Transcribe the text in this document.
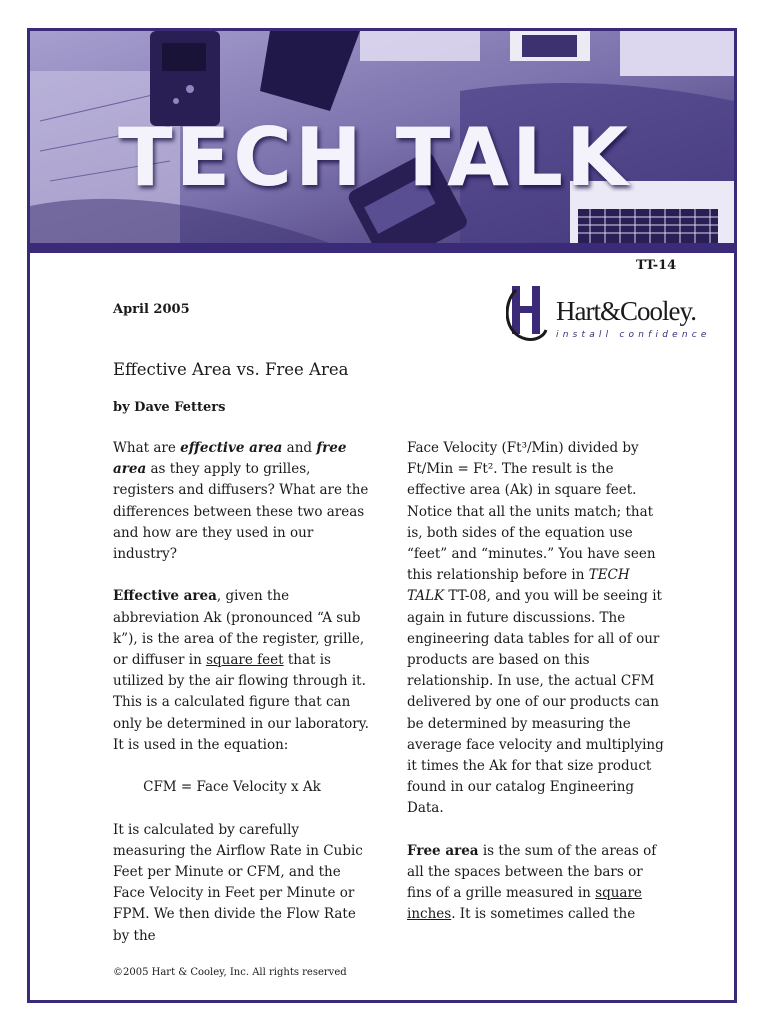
TECH TALK
TT-14
April 2005	Hart&Cooley.
install confidence
Effective Area vs. Free Area
by Dave Fetters

What are effective area and free area as they apply to grilles, registers and diffusers? What are the differences between these two areas and how are they used in our industry?

Effective area, given the abbreviation Ak (pronounced “A sub k”), is the area of the register, grille, or diffuser in square feet that is utilized by the air flowing through it. This is a calculated figure that can only be determined in our laboratory. It is used in the equation:

CFM = Face Velocity x Ak

It is calculated by carefully measuring the Airflow Rate in Cubic Feet per Minute or CFM, and the Face Velocity in Feet per Minute or FPM. We then divide the Flow Rate by the

Face Velocity (Ft³/Min) divided by Ft/Min = Ft². The result is the effective area (Ak) in square feet. Notice that all the units match; that is, both sides of the equation use “feet” and “minutes.” You have seen this relationship before in TECH TALK TT-08, and you will be seeing it again in future discussions. The engineering data tables for all of our products are based on this relationship. In use, the actual CFM delivered by one of our products can be determined by measuring the average face velocity and multiplying it times the Ak for that size product found in our catalog Engineering Data.

Free area is the sum of the areas of all the spaces between the bars or fins of a grille measured in square inches. It is sometimes called the

©2005 Hart & Cooley, Inc. All rights reserved
